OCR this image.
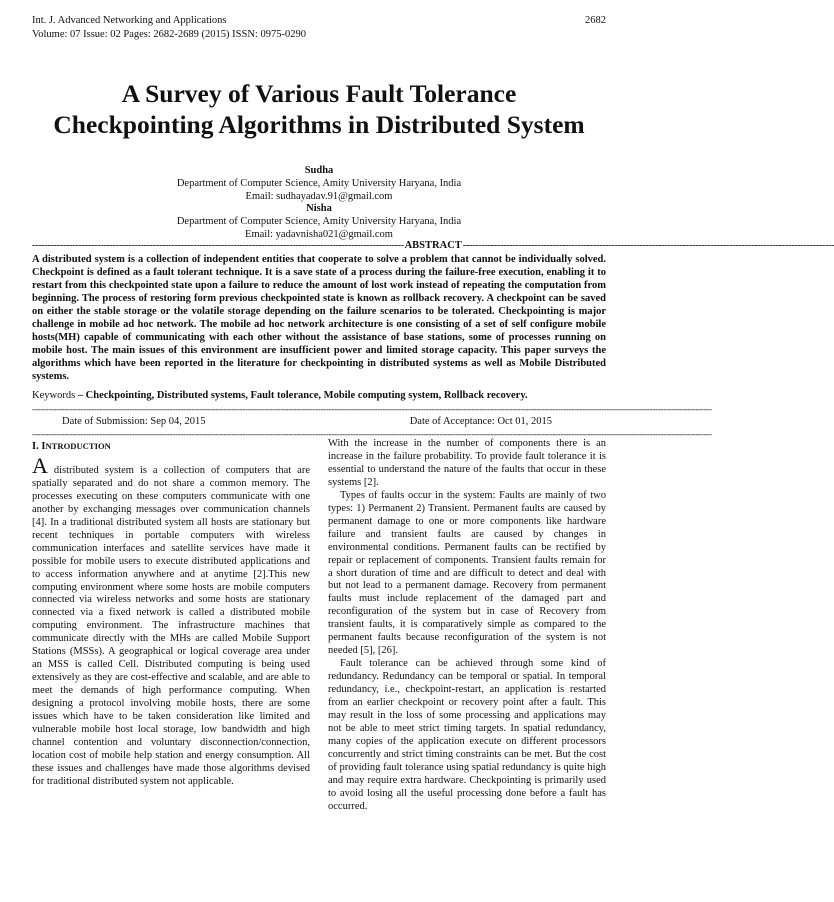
Int. J. Advanced Networking and Applications
Volume: 07 Issue: 02 Pages: 2682-2689 (2015) ISSN: 0975-0290
2682
A Survey of Various Fault Tolerance Checkpointing Algorithms in Distributed System
Sudha
Department of Computer Science, Amity University Haryana, India
Email: sudhayadav.91@gmail.com
Nisha
Department of Computer Science, Amity University Haryana, India
Email: yadavnisha021@gmail.com
------------------------------------------------------------------------------------------------------------------------ ABSTRACT ------------------------------------------------------------------------------------------------------------------------
A distributed system is a collection of independent entities that cooperate to solve a problem that cannot be individually solved. Checkpoint is defined as a fault tolerant technique. It is a save state of a process during the failure-free execution, enabling it to restart from this checkpointed state upon a failure to reduce the amount of lost work instead of repeating the computation from beginning. The process of restoring form previous checkpointed state is known as rollback recovery. A checkpoint can be saved on either the stable storage or the volatile storage depending on the failure scenarios to be tolerated. Checkpointing is major challenge in mobile ad hoc network. The mobile ad hoc network architecture is one consisting of a set of self configure mobile hosts(MH) capable of communicating with each other without the assistance of base stations, some of processes running on mobile host. The main issues of this environment are insufficient power and limited storage capacity. This paper surveys the algorithms which have been reported in the literature for checkpointing in distributed systems as well as Mobile Distributed systems.
Keywords – Checkpointing, Distributed systems, Fault tolerance, Mobile computing system, Rollback recovery.
------------------------------------------------------------------------------------------------------------------------------------------------------------------------------------------------------------------------------------------------------------
Date of Submission: Sep 04, 2015	Date of Acceptance: Oct 01, 2015
------------------------------------------------------------------------------------------------------------------------------------------------------------------------------------------------------------------------------------------------------------
I. INTRODUCTION

A distributed system is a collection of computers that are spatially separated and do not share a common memory. The processes executing on these computers communicate with one another by exchanging messages over communication channels [4]. In a traditional distributed system all hosts are stationary but recent techniques in portable computers with wireless communication interfaces and satellite services have made it possible for mobile users to execute distributed applications and to access information anywhere and at anytime [2].This new computing environment where some hosts are mobile computers connected via wireless networks and some hosts are stationary connected via a fixed network is called a distributed mobile computing environment. The infrastructure machines that communicate directly with the MHs are called Mobile Support Stations (MSSs). A geographical or logical coverage area under an MSS is called Cell. Distributed computing is being used extensively as they are cost-effective and scalable, and are able to meet the demands of high performance computing. When designing a protocol involving mobile hosts, there are some issues which have to be taken consideration like limited and vulnerable mobile host local storage, low bandwidth and high channel contention and voluntary disconnection/connection, location cost of mobile help station and energy consumption. All these issues and challenges have made those algorithms devised for traditional distributed system not applicable.

With the increase in the number of components there is an increase in the failure probability. To provide fault tolerance it is essential to understand the nature of the faults that occur in these systems [2].

Types of faults occur in the system: Faults are mainly of two types: 1) Permanent 2) Transient. Permanent faults are caused by permanent damage to one or more components like hardware failure and transient faults are caused by changes in environmental conditions. Permanent faults can be rectified by repair or replacement of components. Transient faults remain for a short duration of time and are difficult to detect and deal with but not lead to a permanent damage. Recovery from permanent faults must include replacement of the damaged part and reconfiguration of the system but in case of Recovery from transient faults, it is comparatively simple as compared to the permanent faults because reconfiguration of the system is not needed [5], [26].

Fault tolerance can be achieved through some kind of redundancy. Redundancy can be temporal or spatial. In temporal redundancy, i.e., checkpoint-restart, an application is restarted from an earlier checkpoint or recovery point after a fault. This may result in the loss of some processing and applications may not be able to meet strict timing targets. In spatial redundancy, many copies of the application execute on different processors concurrently and strict timing constraints can be met. But the cost of providing fault tolerance using spatial redundancy is quite high and may require extra hardware. Checkpointing is primarily used to avoid losing all the useful processing done before a fault has occurred.
